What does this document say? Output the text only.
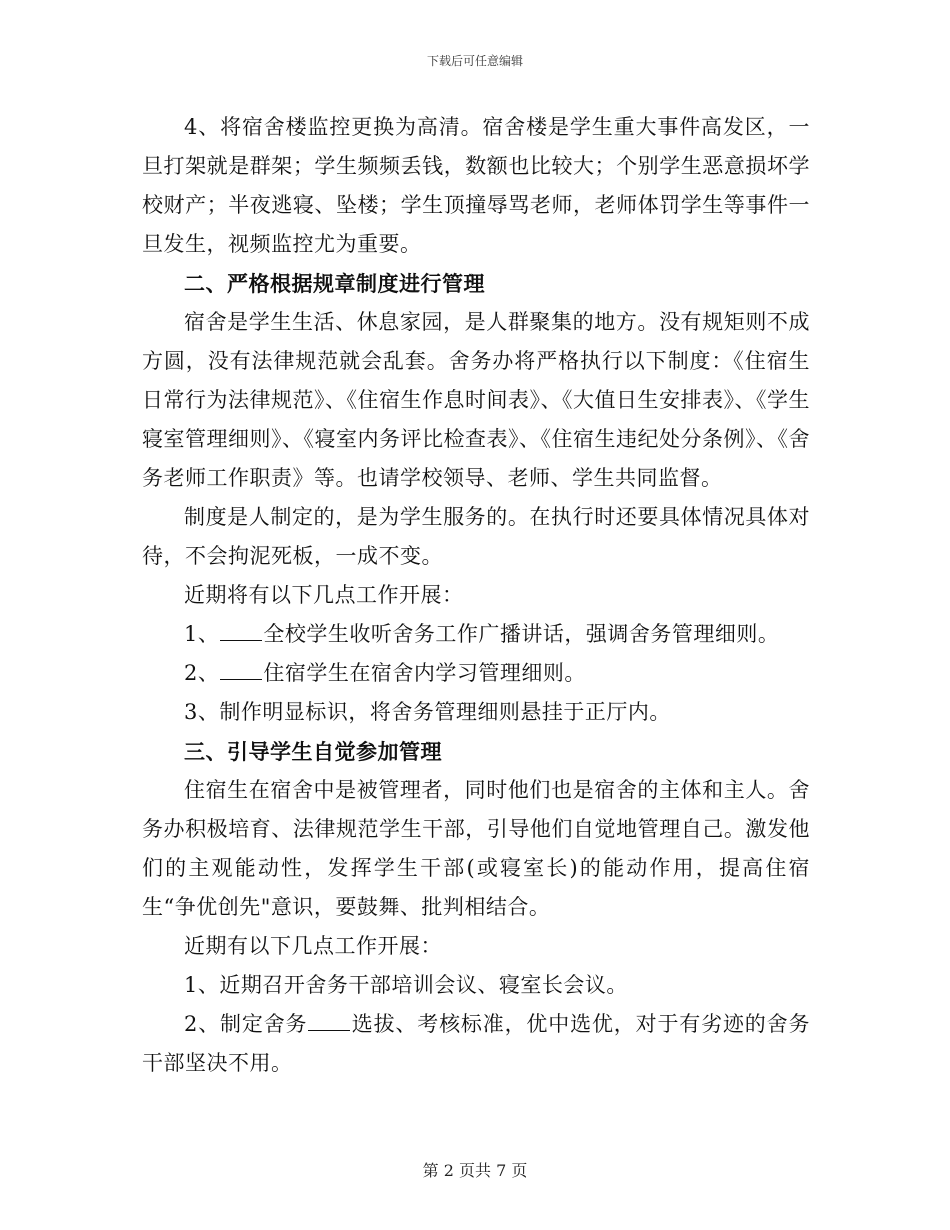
下载后可任意编辑

4、将宿舍楼监控更换为高清。宿舍楼是学生重大事件高发区，一旦打架就是群架；学生频频丢钱，数额也比较大；个别学生恶意损坏学校财产；半夜逃寝、坠楼；学生顶撞辱骂老师，老师体罚学生等事件一旦发生，视频监控尤为重要。

二、严格根据规章制度进行管理

宿舍是学生生活、休息家园，是人群聚集的地方。没有规矩则不成方圆，没有法律规范就会乱套。舍务办将严格执行以下制度：《住宿生日常行为法律规范》、《住宿生作息时间表》、《大值日生安排表》、《学生寝室管理细则》、《寝室内务评比检查表》、《住宿生违纪处分条例》、《舍务老师工作职责》等。也请学校领导、老师、学生共同监督。

制度是人制定的，是为学生服务的。在执行时还要具体情况具体对待，不会拘泥死板，一成不变。

近期将有以下几点工作开展：

1、 全校学生收听舍务工作广播讲话，强调舍务管理细则。

2、 住宿学生在宿舍内学习管理细则。

3、制作明显标识，将舍务管理细则悬挂于正厅内。

三、引导学生自觉参加管理

住宿生在宿舍中是被管理者，同时他们也是宿舍的主体和主人。舍务办积极培育、法律规范学生干部，引导他们自觉地管理自己。激发他们的主观能动性，发挥学生干部(或寝室长)的能动作用，提高住宿生“争优创先"意识，要鼓舞、批判相结合。

近期有以下几点工作开展：

1、近期召开舍务干部培训会议、寝室长会议。

2、制定舍务 选拔、考核标准，优中选优，对于有劣迹的舍务干部坚决不用。

第 2 页共 7 页
